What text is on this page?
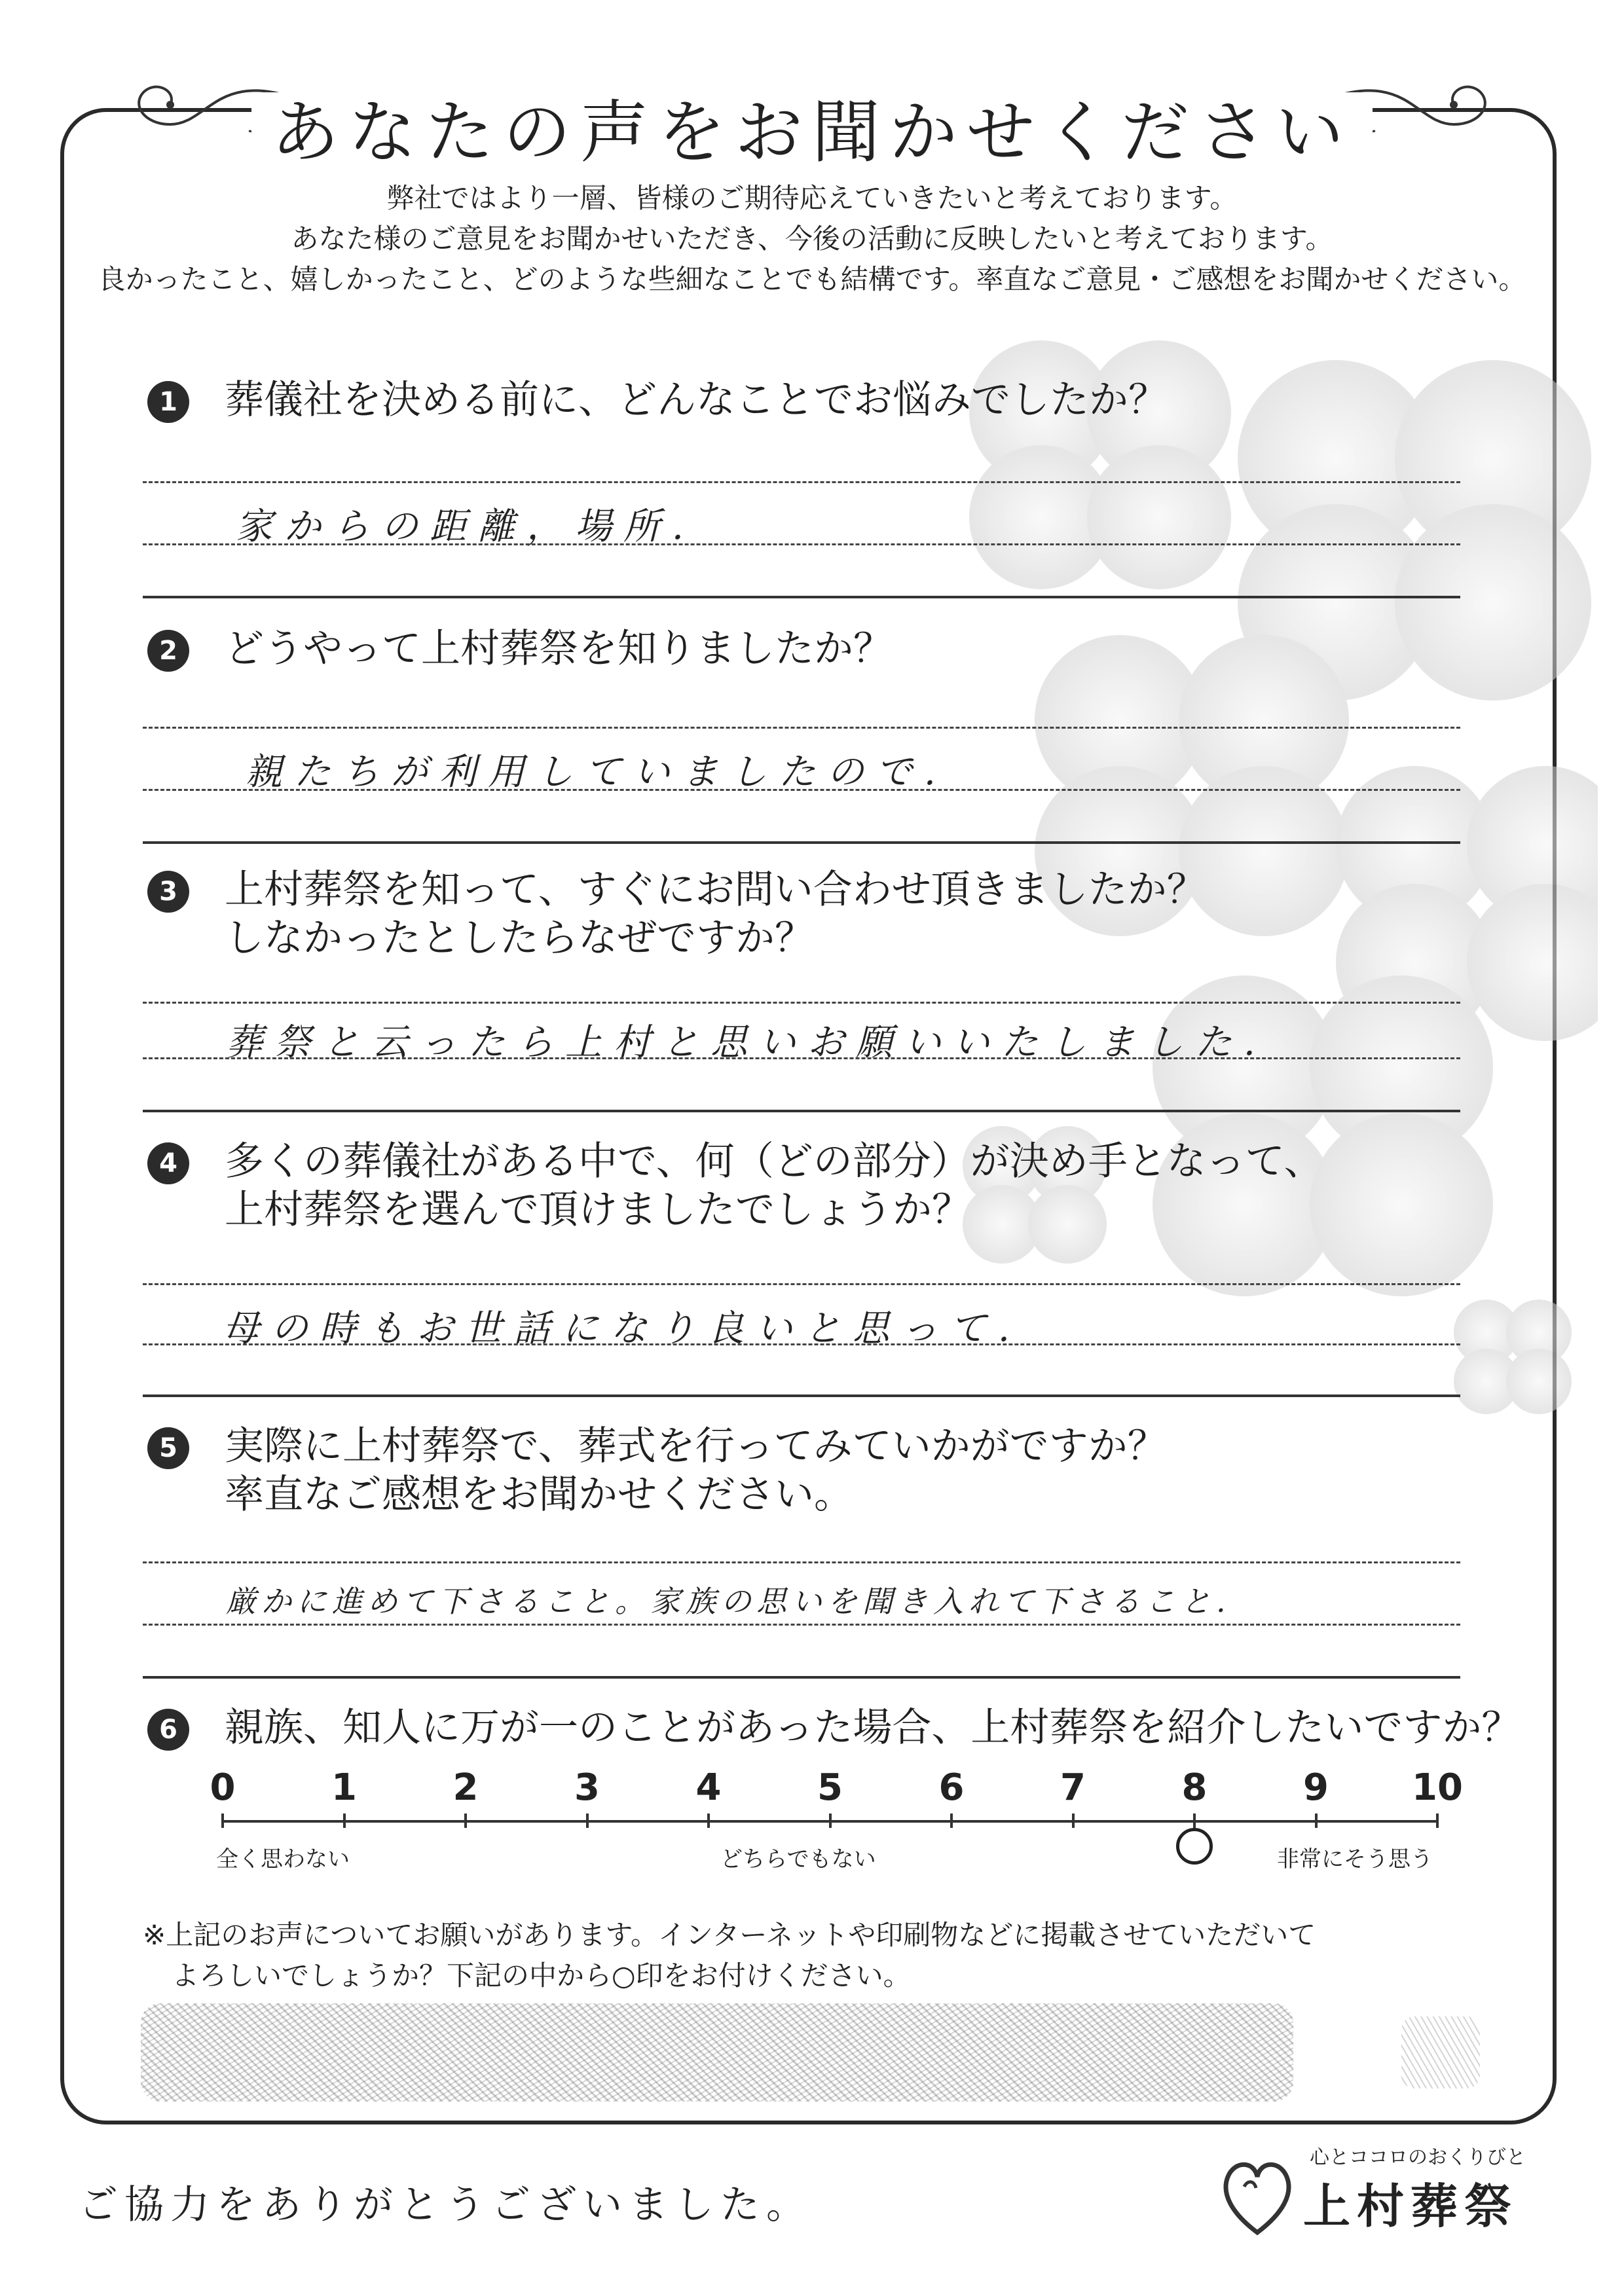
あなたの声をお聞かせください
弊社ではより一層、皆様のご期待応えていきたいと考えております。
あなた様のご意見をお聞かせいただき、今後の活動に反映したいと考えております。
良かったこと、嬉しかったこと、どのような些細なことでも結構です。率直なご意見・ご感想をお聞かせください。
1	葬儀社を決める前に、どんなことでお悩みでしたか？
家からの距離，場所.
2	どうやって上村葬祭を知りましたか？
親たちが利用していましたので.
3	上村葬祭を知って、すぐにお問い合わせ頂きましたか？
しなかったとしたらなぜですか？
葬祭と云ったら上村と思いお願いいたしました.
4	多くの葬儀社がある中で、何（どの部分）が決め手となって、
上村葬祭を選んで頂けましたでしょうか？
母の時もお世話になり良いと思って.
5	実際に上村葬祭で、葬式を行ってみていかがですか？
率直なご感想をお聞かせください。
厳かに進めて下さること。家族の思いを聞き入れて下さること.
6	親族、知人に万が一のことがあった場合、上村葬祭を紹介したいですか？
全く思わない	どちらでもない	非常にそう思う
0	1	2	3	4	5	6	7	8	9 10
※上記のお声についてお願いがあります。インターネットや印刷物などに掲載させていただいて
よろしいでしょうか？下記の中から○印をお付けください。
ご協力をありがとうございました。
心とココロのおくりびと
上村葬祭
